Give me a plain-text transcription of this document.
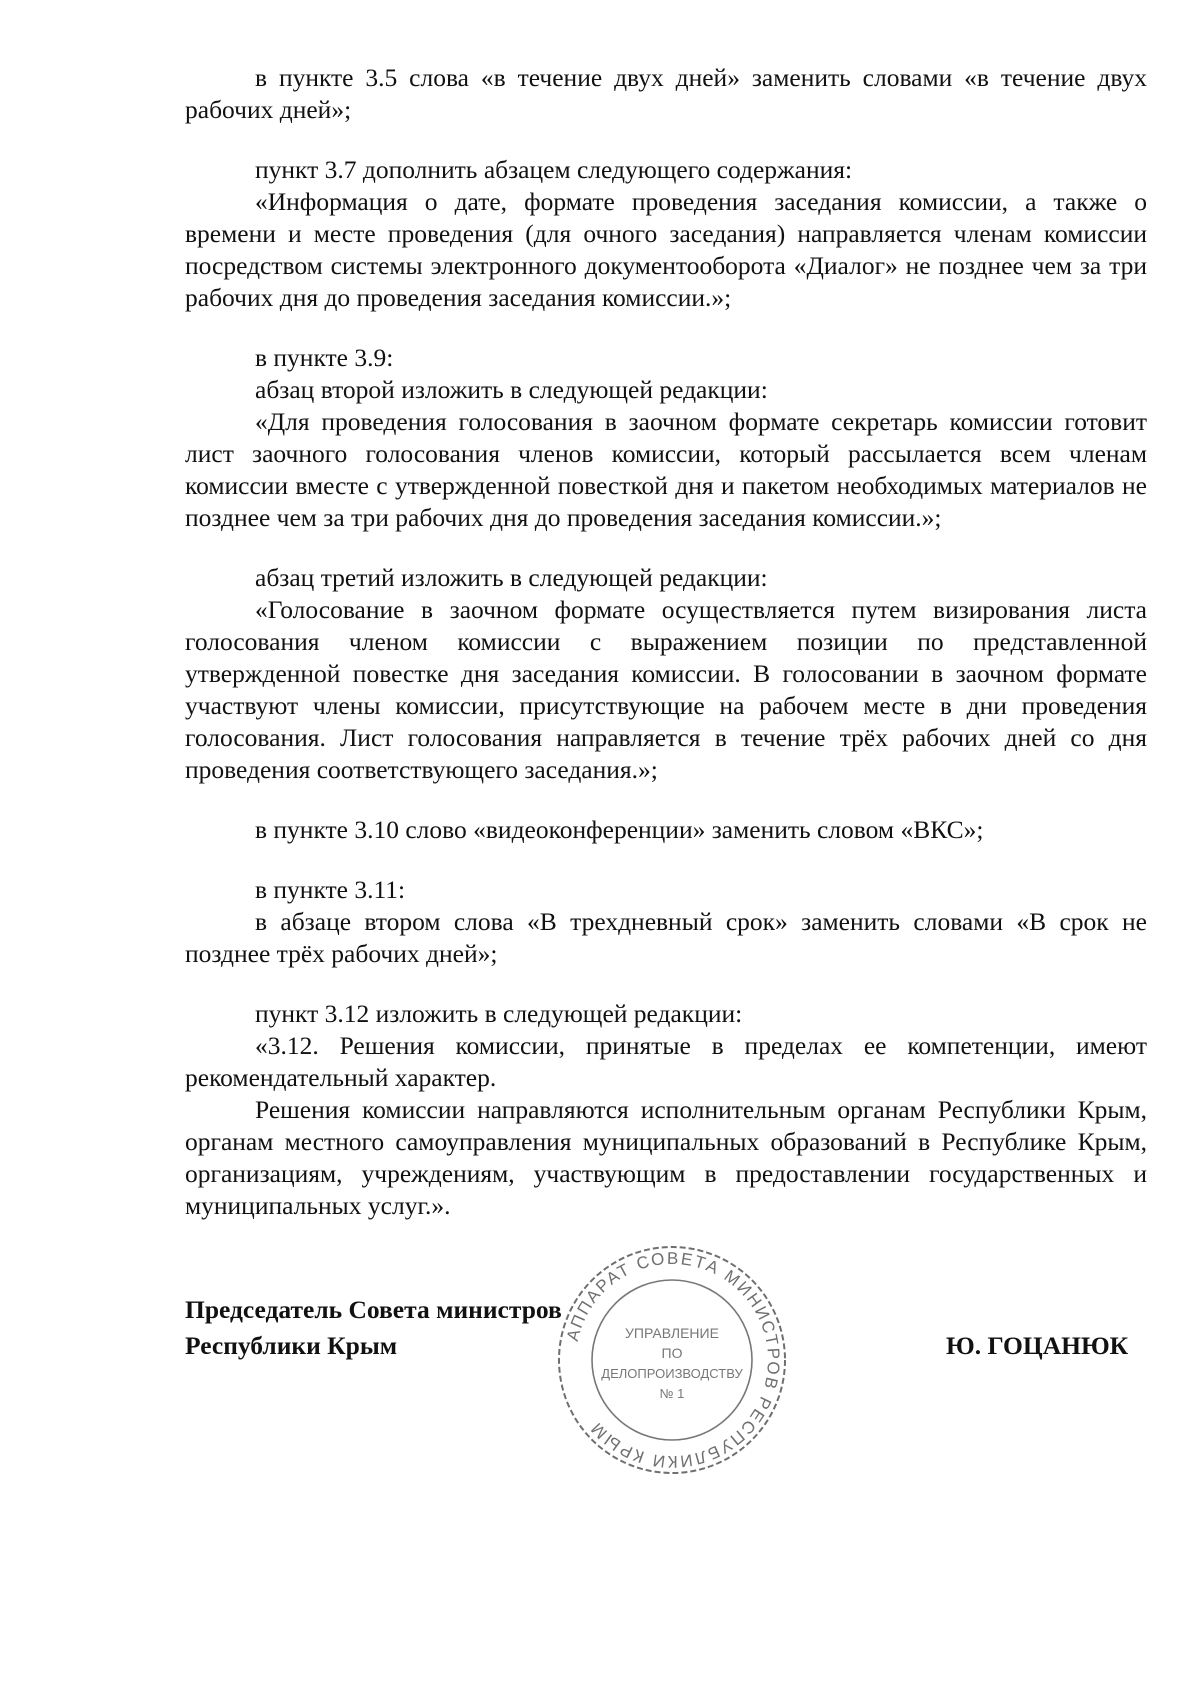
в пункте 3.5 слова «в течение двух дней» заменить словами «в течение двух рабочих дней»;

пункт 3.7 дополнить абзацем следующего содержания:

«Информация о дате, формате проведения заседания комиссии, а также о времени и месте проведения (для очного заседания) направляется членам комиссии посредством системы электронного документооборота «Диалог» не позднее чем за три рабочих дня до проведения заседания комиссии.»;

в пункте 3.9:

абзац второй изложить в следующей редакции:

«Для проведения голосования в заочном формате секретарь комиссии готовит лист заочного голосования членов комиссии, который рассылается всем членам комиссии вместе с утвержденной повесткой дня и пакетом необходимых материалов не позднее чем за три рабочих дня до проведения заседания комиссии.»;

абзац третий изложить в следующей редакции:

«Голосование в заочном формате осуществляется путем визирования листа голосования членом комиссии с выражением позиции по представленной утвержденной повестке дня заседания комиссии. В голосовании в заочном формате участвуют члены комиссии, присутствующие на рабочем месте в дни проведения голосования. Лист голосования направляется в течение трёх рабочих дней со дня проведения соответствующего заседания.»;

в пункте 3.10 слово «видеоконференции» заменить словом «ВКС»;

в пункте 3.11:

в абзаце втором слова «В трехдневный срок» заменить словами «В срок не позднее трёх рабочих дней»;

пункт 3.12 изложить в следующей редакции:

«3.12. Решения комиссии, принятые в пределах ее компетенции, имеют рекомендательный характер.

Решения комиссии направляются исполнительным органам Республики Крым, органам местного самоуправления муниципальных образований в Республике Крым, организациям, учреждениям, участвующим в предоставлении государственных и муниципальных услуг.».

Председатель Совета министров
Республики Крым	Ю. ГОЦАНЮК
АППАРАТ СОВЕТА МИНИСТРОВ РЕСПУБЛИКИ КРЫМ
УПРАВЛЕНИЕ
ПО
ДЕЛОПРОИЗВОДСТВУ
№ 1
